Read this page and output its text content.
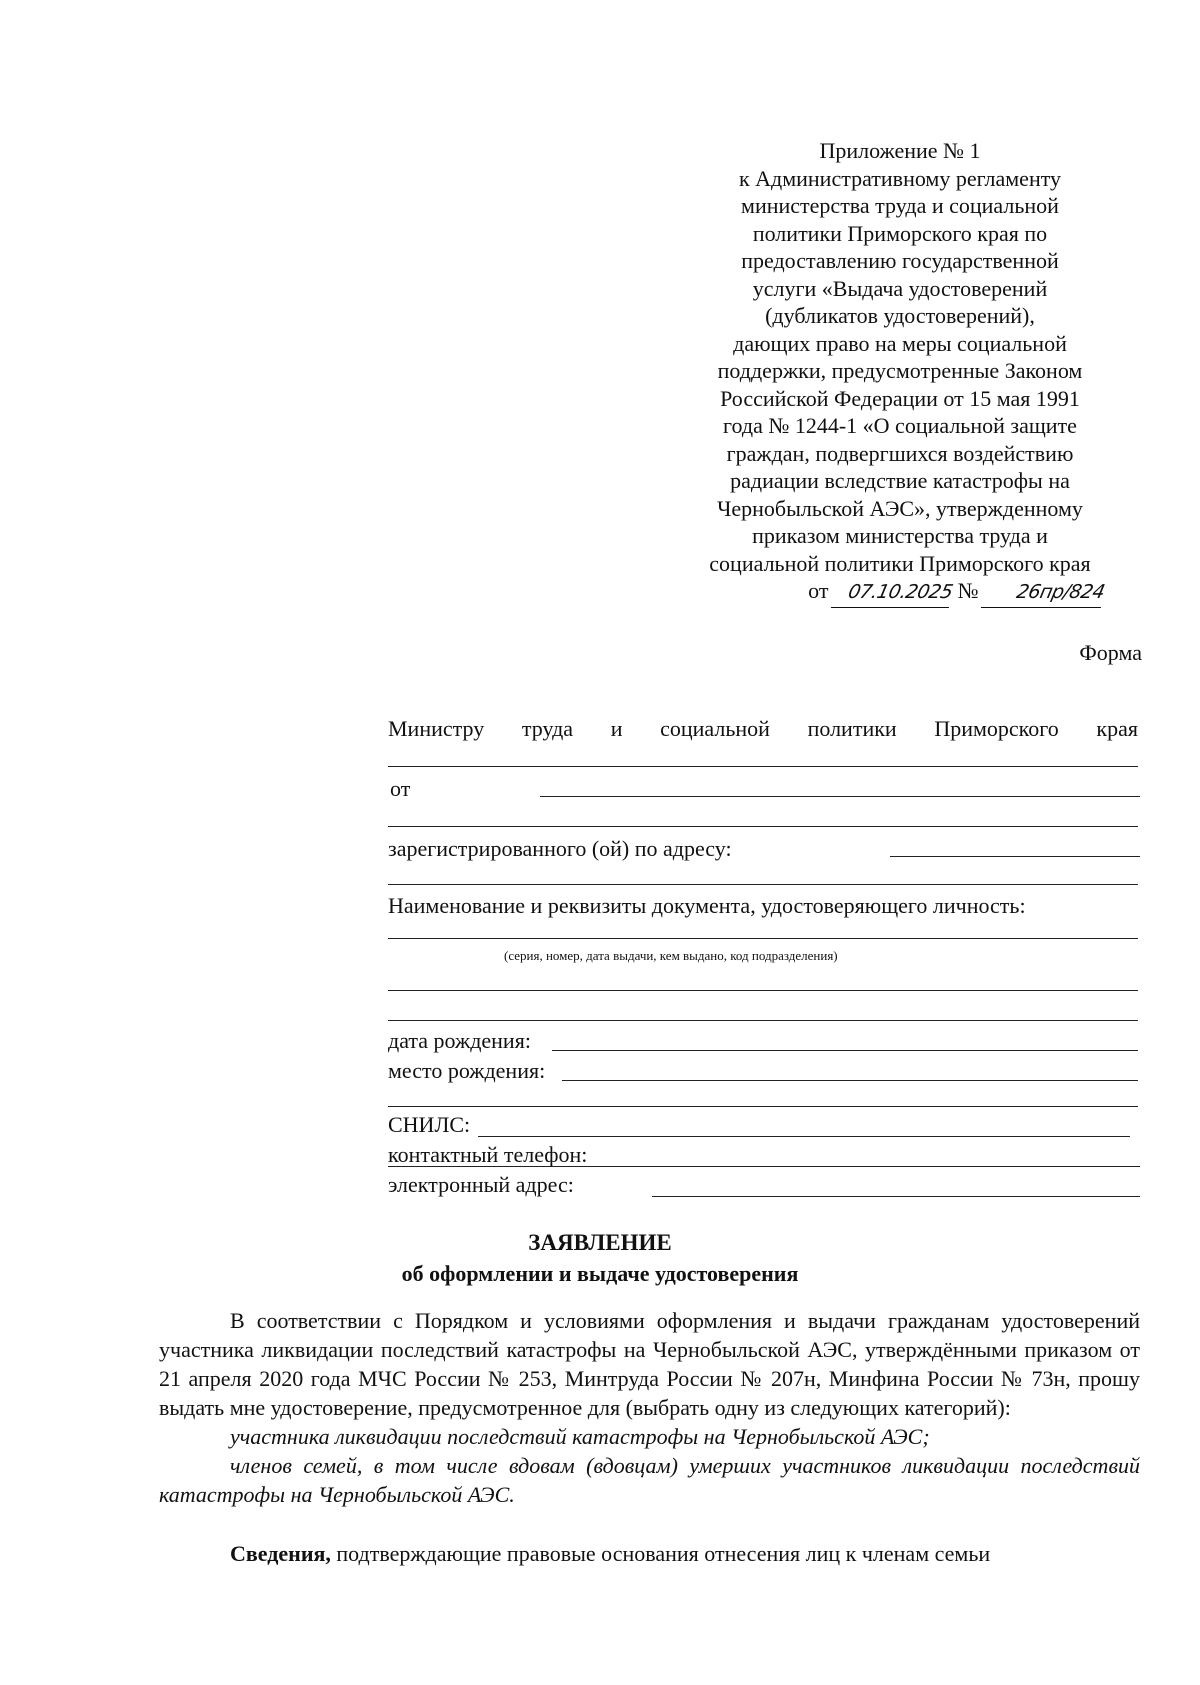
Приложение № 1
к Административному регламенту
министерства труда и социальной
политики Приморского края по
предоставлению государственной
услуги «Выдача удостоверений
(дубликатов удостоверений),
дающих право на меры социальной
поддержки, предусмотренные Законом
Российской Федерации от 15 мая 1991
года № 1244-1 «О социальной защите
граждан, подвергшихся воздействию
радиации вследствие катастрофы на
Чернобыльской АЭС», утвержденному
приказом министерства труда и
социальной политики Приморского края
от 07.10.2025 № 26пр/824
Форма
Министру труда и социальной политики Приморского края
от
зарегистрированного (ой) по адресу:
Наименование и реквизиты документа, удостоверяющего личность:
(серия, номер, дата выдачи, кем выдано, код подразделения)
дата рождения:
место рождения:
СНИЛС:
контактный телефон:
электронный адрес:
ЗАЯВЛЕНИЕ
об оформлении и выдаче удостоверения

В соответствии с Порядком и условиями оформления и выдачи гражданам удостоверений участника ликвидации последствий катастрофы на Чернобыльской АЭС, утверждёнными приказом от 21 апреля 2020 года МЧС России № 253, Минтруда России № 207н, Минфина России № 73н, прошу выдать мне удостоверение, предусмотренное для (выбрать одну из следующих категорий):

участника ликвидации последствий катастрофы на Чернобыльской АЭС;

членов семей, в том числе вдовам (вдовцам) умерших участников ликвидации последствий катастрофы на Чернобыльской АЭС.

Сведения, подтверждающие правовые основания отнесения лиц к членам семьи
